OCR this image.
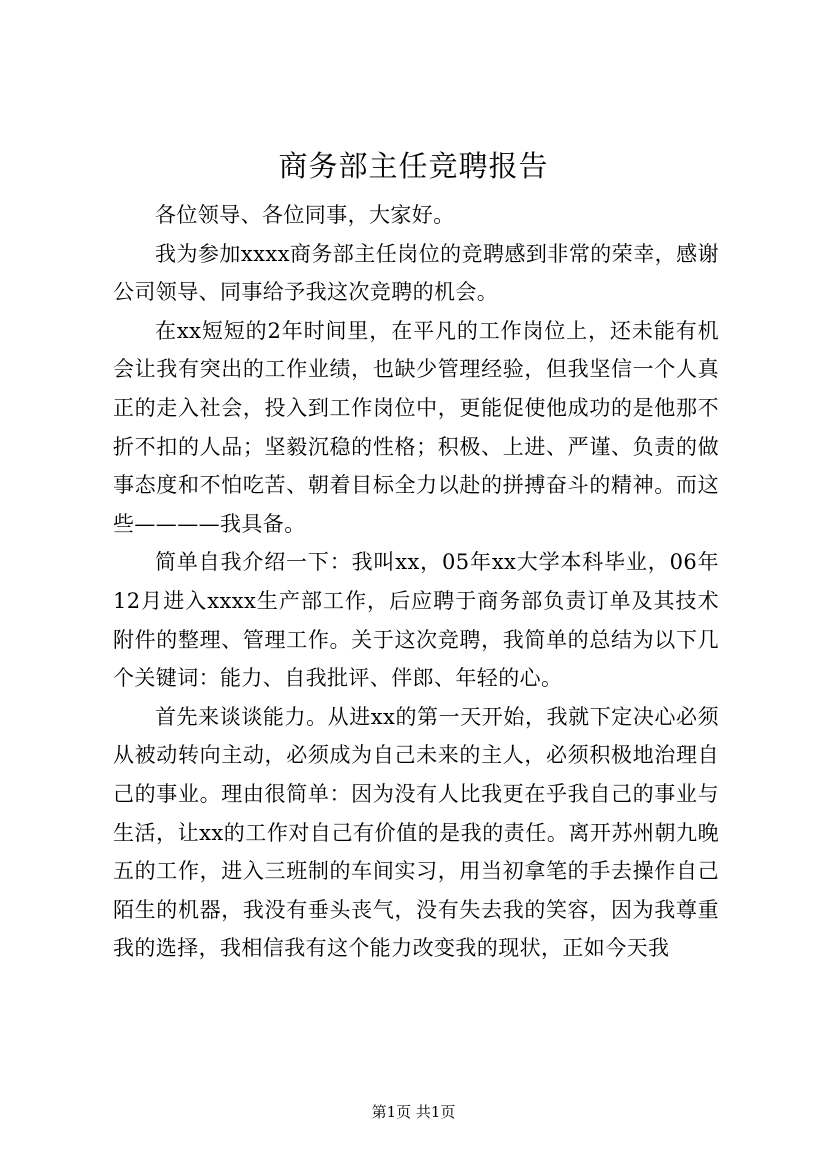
商务部主任竞聘报告

各位领导、各位同事，大家好。

我为参加xxxx商务部主任岗位的竞聘感到非常的荣幸，感谢公司领导、同事给予我这次竞聘的机会。

在xx短短的2年时间里，在平凡的工作岗位上，还未能有机会让我有突出的工作业绩，也缺少管理经验，但我坚信一个人真正的走入社会，投入到工作岗位中，更能促使他成功的是他那不折不扣的人品；坚毅沉稳的性格；积极、上进、严谨、负责的做事态度和不怕吃苦、朝着目标全力以赴的拼搏奋斗的精神。而这些————我具备。

简单自我介绍一下：我叫xx，05年xx大学本科毕业，06年12月进入xxxx生产部工作，后应聘于商务部负责订单及其技术附件的整理、管理工作。关于这次竞聘，我简单的总结为以下几个关键词：能力、自我批评、伴郎、年轻的心。

首先来谈谈能力。从进xx的第一天开始，我就下定决心必须从被动转向主动，必须成为自己未来的主人，必须积极地治理自己的事业。理由很简单：因为没有人比我更在乎我自己的事业与生活，让xx的工作对自己有价值的是我的责任。离开苏州朝九晚五的工作，进入三班制的车间实习，用当初拿笔的手去操作自己陌生的机器，我没有垂头丧气，没有失去我的笑容，因为我尊重我的选择，我相信我有这个能力改变我的现状，正如今天我

第1页 共1页
